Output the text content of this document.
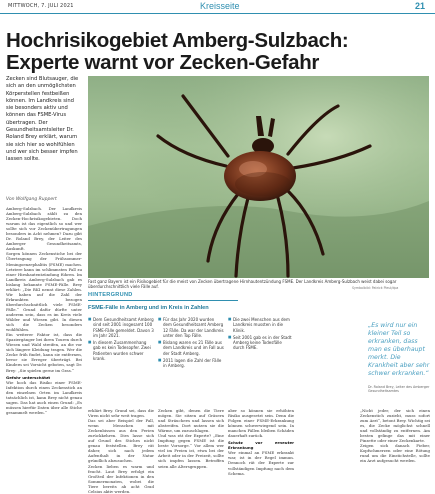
MITTWOCH, 7. JULI 2021	Kreisseite	21
Hochrisikogebiet Amberg-Sulzbach:
Experte warnt vor Zecken-Gefahr

Zecken sind Blutsauger, die sich an den unmöglichsten Körperstellen festbeißen können. Im Landkreis sind sie besonders aktiv und können das FSME-Virus übertragen. Der Gesundheitsamtsleiter Dr. Roland Brey erklärt, warum sie sich hier so wohlfühlen und wer sich besser impfen lassen sollte.

Von Wolfgang Ruppert

Amberg-Sulzbach. Der Landkreis Amberg-Sulzbach zählt zu den Zecken-Hochrisikogebieten. Doch warum ist das eigentlich so und wer sollte sich vor Zeckenübertragungen besonders in Acht nehmen? Dazu gibt Dr. Roland Brey, der Leiter des Amberger Gesundheitsamts, Auskunft.

Sorgen können Zeckenstiche bei der Übertragung der Frühsommer-Meningoenzephalitis (FSME) machen. Letztere kann im schlimmsten Fall zu einer Hirnhautentzündung führen. Im Landkreis Amberg-Sulzbach gab es bislang bekannte FSME-Fälle. Brey erklärt: „Die RKI nennt diese Zahlen. Wir haben auf die Zahl der Erkrankten bezogen überdurchschnittlich viele FSME-Fälle.“ Grund dafür dürfte unter anderem sein, dass es im Kreis viele Wälder und Wiesen gibt. In diesen sich die Zecken besonders wohlfühlen.

Ein weiterer Faktor ist, dass die Spaziergänger bei ihren Touren durch Wiesen und Wald streifen, an die vor sich längere Kleidung tragen. Wer die Zecke früh findet, kann sie entfernen, bevor sie Erreger überträgt. Bei Kindern sei Vorsicht geboten, sagt Dr. Brey: „Sie spielen gerne im Gras.“

Gefahr unterschätzt

Wie hoch das Risiko einer FSME-Infektion durch einen Zeckenstich an den einzelnen Orten im Landkreis tatsächlich ist, kann Brey nicht genau sagen. Das hat auch einen Grund: „Es müssen hierfür Daten über alle Stiche gesammelt werden.“	erklärt Brey. Grund sei, dass die Viren nicht sehr weit tragen.

Das sei aber Beispiel der Fall, wenn Menschen mit Zeckenbissen aus den Ferien zurückkehren. Dies lasse sich auf Grund des Stiches nicht genau feststellen. Brey rät daher, sich nach jedem Aufenthalt in der Natur gründlich abzusuchen.

Zecken lieben es warm und feucht. Laut Brey erfolgt ein Großteil der Infektionen in den Sommermonaten, wobei die Tiere bereits ab acht Grad Celsius aktiv werden.

Zecken gibt, denen die Tiere mögen. Sie sitzen auf Gräsern und Sträuchern und lassen sich abstreifen. Dort nutzen sie die Wärme, um zuzuschlagen.

Und was rät der Experte? „Eine Impfung gegen FSME ist die beste Vorsorge.“ Vor allem wer viel im Freien ist, etwa bei der Arbeit oder in der Freizeit, sollte sich impfen lassen. Betroffen seien alle Altersgruppen.

aber so können sie erhöhten Risiko ausgesetzt sein. Denn die Folgen einer FSME-Erkrankung können schwerwiegend sein. In manchen Fällen bleiben Schäden dauerhaft zurück.

Schutz vor erneuter Erkrankung

Wer einmal an FSME erkrankt war, ist in der Regel immun. Dennoch rät der Experte zur vollständigen Impfung nach dem Schema.

„Nicht jeder, der sich einen Zeckenstich zuzieht, muss sofort zum Arzt“, betont Brey. Wichtig sei es, die Zecke möglichst schnell und vollständig zu entfernen. Am besten gelinge das mit einer Pinzette oder einer Zeckenkarte.

Zeigen sich danach Fieber, Kopfschmerzen oder eine Rötung rund um die Einstichstelle, sollte ein Arzt aufgesucht werden.

Fast ganz Bayern ist ein Risikogebiet für die meist von Zecken übertragene Hirnhautentzündung FSME. Der Landkreis Amberg-Sulzbach weist dabei sogar überdurchschnittlich viele Fälle auf.	Symbolbild: Patrick Pleul/dpa
HINTERGRUND
FSME-Fälle in Amberg und im Kreis in Zahlen
■ Dem Gesundheitsamt Amberg sind seit 2001 insgesamt 100 FSME-Fälle gemeldet. Davon 3 im Jahr 2021.
■ In diesem Zusammenhang gab es kein Todesopfer. Zwei Patienten wurden schwer krank.
■ Für das Jahr 2020 wurden dem Gesundheitsamt Amberg 12 Fälle. Da war der Landkreis unter den Top Fälle.
■ Bislang waren es 21 Fälle aus dem Landkreis und im Fall aus der Stadt Amberg.
■ 2011 lagen die Zahl der Fälle in Amberg.
■ Die zwei Menschen aus dem Landkreis mussten in die Klinik.
■ Seit 2001 gab es in der Stadt Amberg keine Todesfälle durch FSME.
„Es wird nur ein kleiner Teil so erkranken, dass man es überhaupt merkt. Die Krankheit aber sehr schwer erkranken.“
Dr. Roland Brey, Leiter des Amberger Gesundheitsamtes
